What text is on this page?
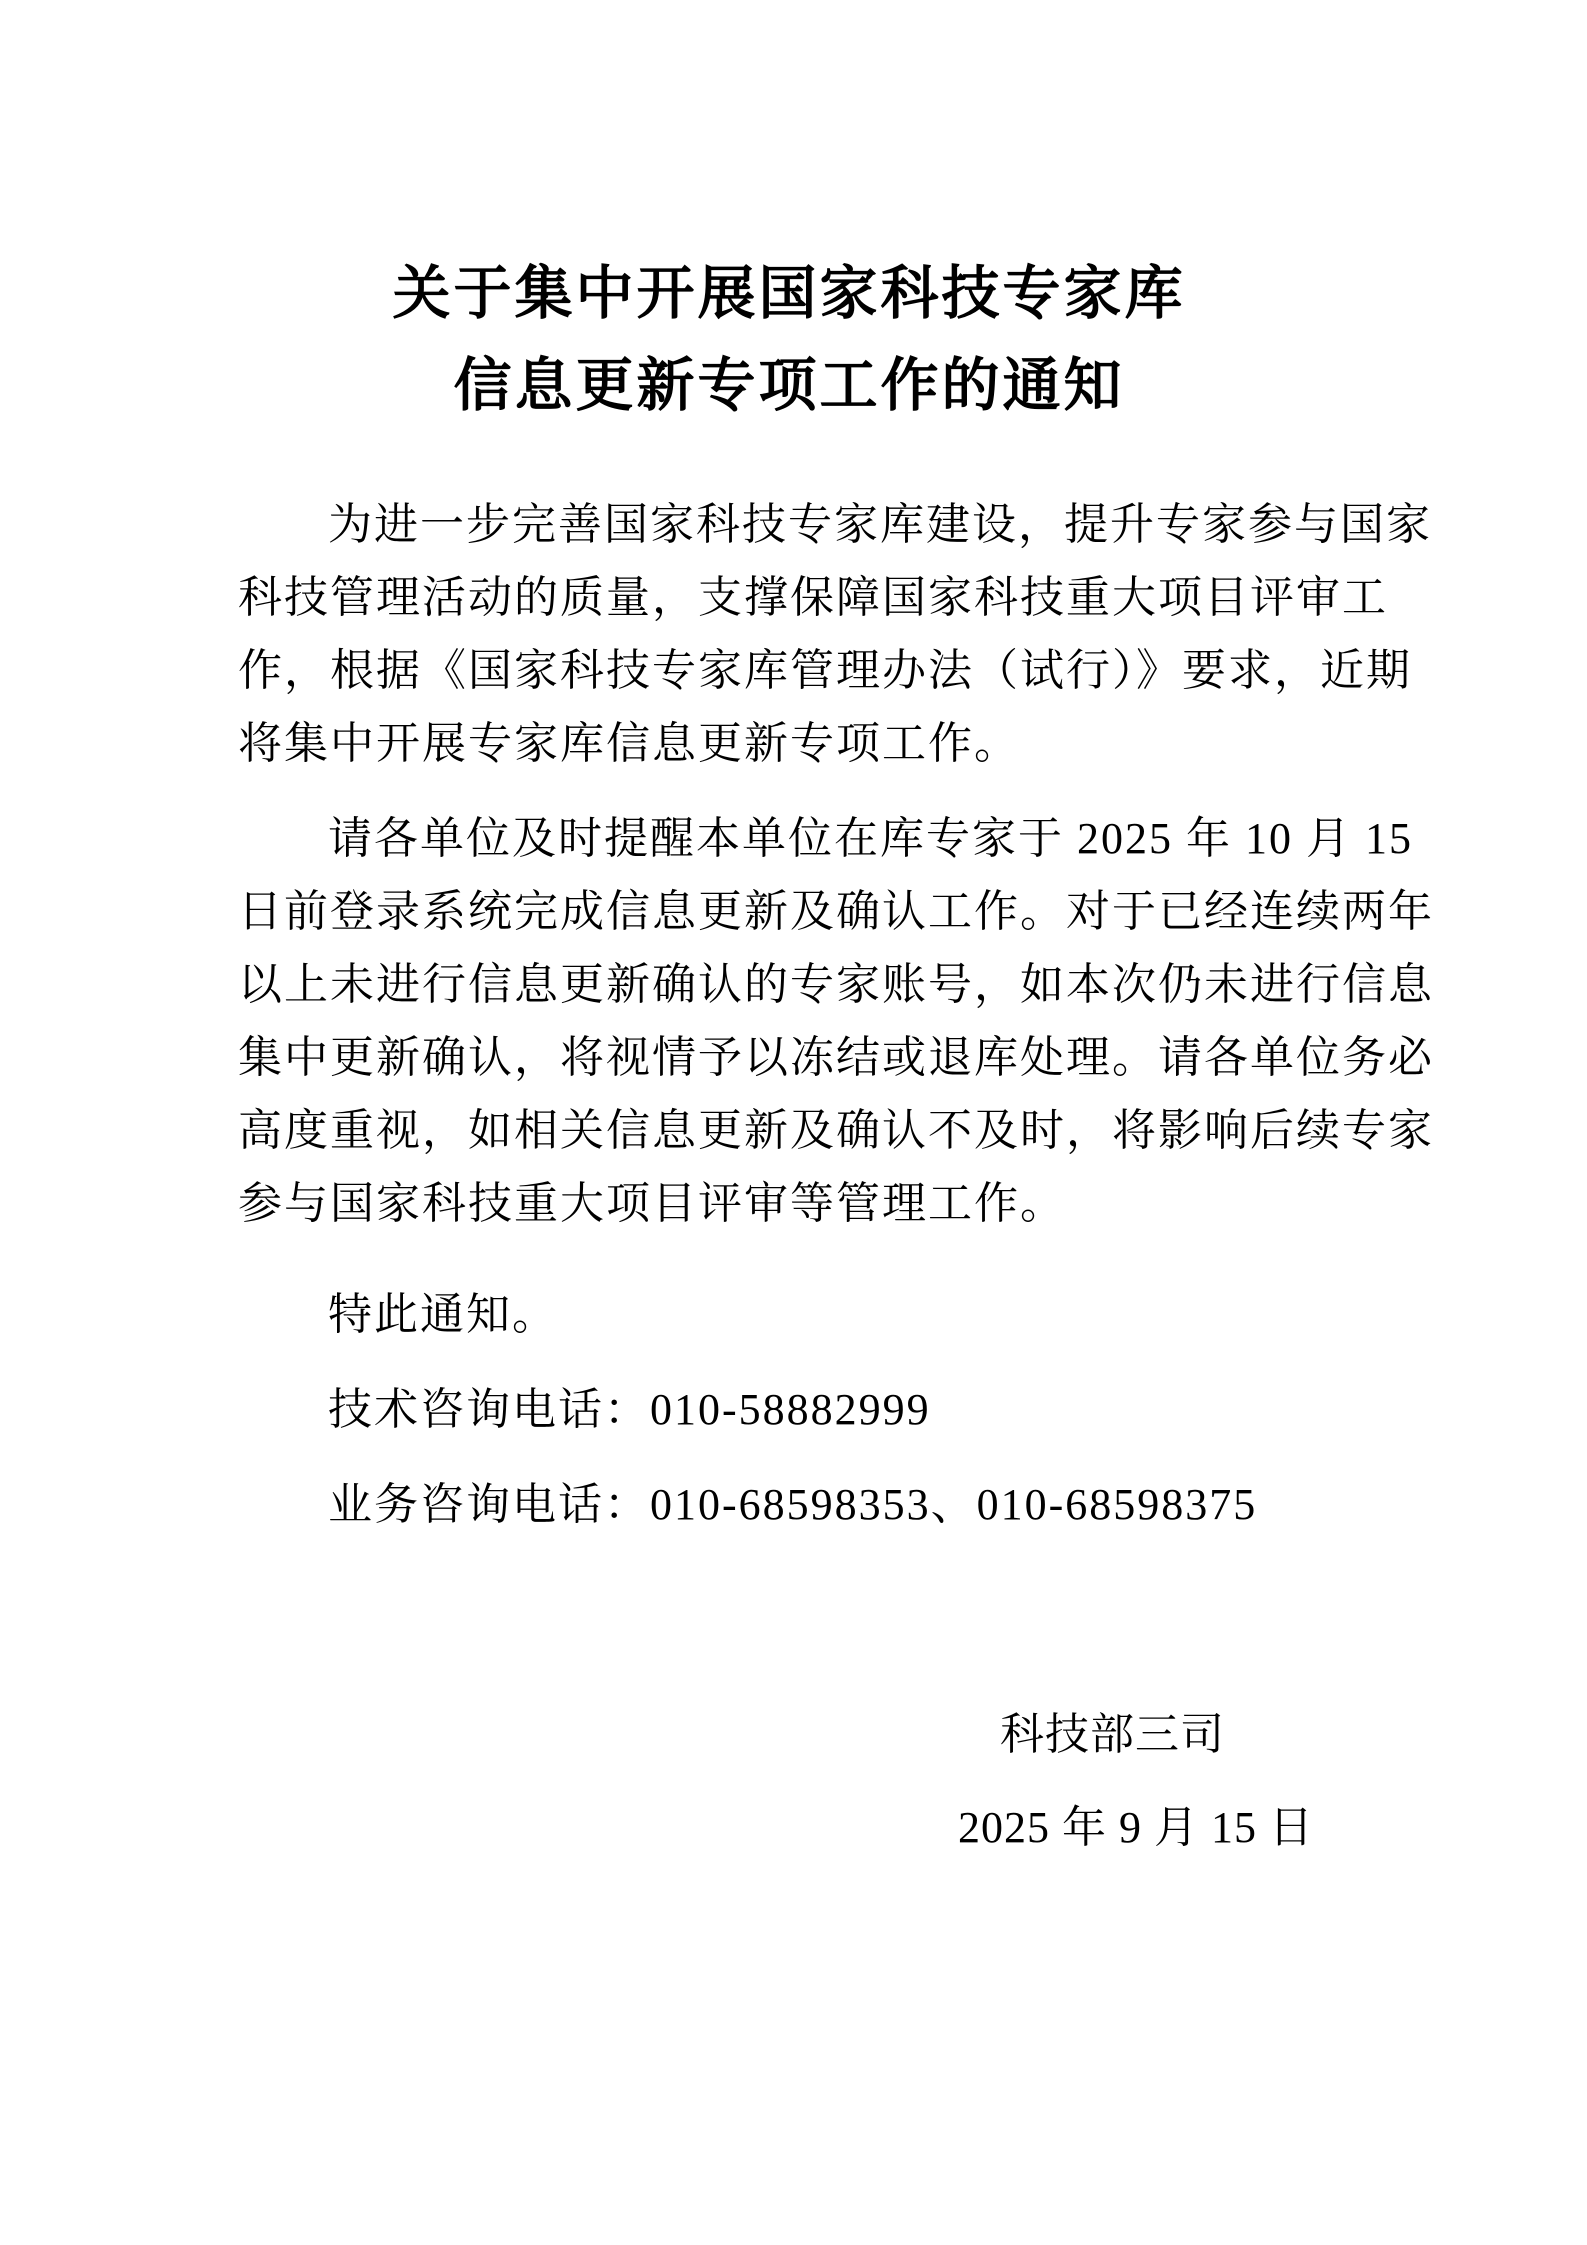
关于集中开展国家科技专家库
信息更新专项工作的通知
为进一步完善国家科技专家库建设，提升专家参与国家
科技管理活动的质量，支撑保障国家科技重大项目评审工
作，根据《国家科技专家库管理办法（试行）》要求，近期
将集中开展专家库信息更新专项工作。
请各单位及时提醒本单位在库专家于 2025 年 10 月 15
日前登录系统完成信息更新及确认工作。对于已经连续两年
以上未进行信息更新确认的专家账号，如本次仍未进行信息
集中更新确认，将视情予以冻结或退库处理。请各单位务必
高度重视，如相关信息更新及确认不及时，将影响后续专家
参与国家科技重大项目评审等管理工作。
特此通知。
技术咨询电话：010-58882999
业务咨询电话：010-68598353、010-68598375
科技部三司
2025 年 9 月 15 日
